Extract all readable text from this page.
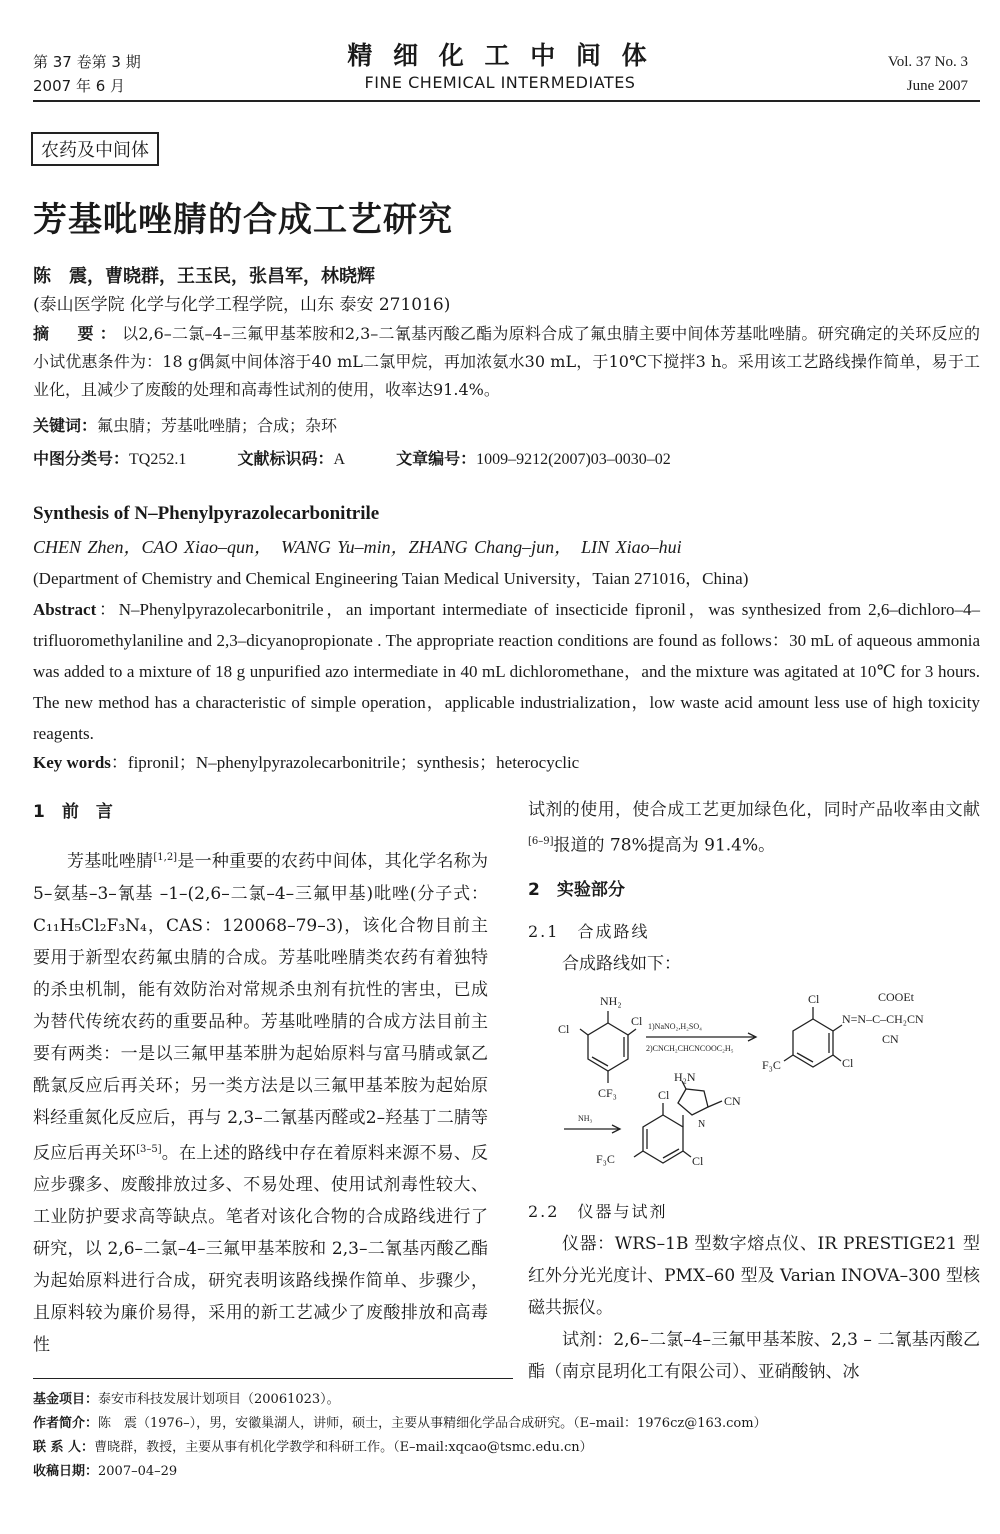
第 37 卷第 3 期
2007 年 6 月
精 细 化 工 中 间 体
FINE CHEMICAL INTERMEDIATES
Vol. 37 No. 3
June 2007
农药及中间体
芳基吡唑腈的合成工艺研究
陈　震，曹晓群，王玉民，张昌军，林晓辉
(泰山医学院 化学与化学工程学院，山东 泰安 271016)
摘　要：以2,6–二氯–4–三氟甲基苯胺和2,3–二氰基丙酸乙酯为原料合成了氟虫腈主要中间体芳基吡唑腈。研究确定的关环反应的小试优惠条件为：18 g偶氮中间体溶于40 mL二氯甲烷，再加浓氨水30 mL，于10℃下搅拌3 h。采用该工艺路线操作简单，易于工业化，且减少了废酸的处理和高毒性试剂的使用，收率达91.4%。
关键词：氟虫腈；芳基吡唑腈；合成；杂环
中图分类号：TQ252.1	文献标识码：A	文章编号：1009–9212(2007)03–0030–02
Synthesis of N–Phenylpyrazolecarbonitrile
CHEN Zhen，CAO Xiao–qun，　WANG Yu–min，ZHANG Chang–jun，　LIN Xiao–hui
(Department of Chemistry and Chemical Engineering Taian Medical University，Taian 271016，China)
Abstract：N–Phenylpyrazolecarbonitrile，an important intermediate of insecticide fipronil，was synthesized from 2,6–dichloro–4–trifluoromethylaniline and 2,3–dicyanopropionate . The appropriate reaction conditions are found as follows：30 mL of aqueous ammonia was added to a mixture of 18 g unpurified azo intermediate in 40 mL dichloromethane，and the mixture was agitated at 10℃ for 3 hours. The new method has a characteristic of simple operation，applicable industrialization，low waste acid amount less use of high toxicity reagents.
Key words：fipronil；N–phenylpyrazolecarbonitrile；synthesis；heterocyclic
1　前　言

芳基吡唑腈[1,2]是一种重要的农药中间体，其化学名称为5–氨基–3–氰基 –1–(2,6–二氯–4–三氟甲基)吡唑(分子式：C₁₁H₅Cl₂F₃N₄，CAS：120068–79–3)，该化合物目前主要用于新型农药氟虫腈的合成。芳基吡唑腈类农药有着独特的杀虫机制，能有效防治对常规杀虫剂有抗性的害虫，已成为替代传统农药的重要品种。芳基吡唑腈的合成方法目前主要有两类：一是以三氟甲基苯肼为起始原料与富马腈或氯乙酰氯反应后再关环；另一类方法是以三氟甲基苯胺为起始原料经重氮化反应后，再与 2,3–二氰基丙醛或2–羟基丁二腈等反应后再关环[3–5]。在上述的路线中存在着原料来源不易、反应步骤多、废酸排放过多、不易处理、使用试剂毒性较大、工业防护要求高等缺点。笔者对该化合物的合成路线进行了研究，以 2,6–二氯–4–三氟甲基苯胺和 2,3–二氰基丙酸乙酯为起始原料进行合成，研究表明该路线操作简单、步骤少，且原料较为廉价易得，采用的新工艺减少了废酸排放和高毒性

试剂的使用，使合成工艺更加绿色化，同时产品收率由文献[6–9]报道的 78%提高为 91.4%。

2　实验部分
2.1　合成路线

合成路线如下：

NH₂
Cl
Cl
CF₃
1)NaNO₂,H₂SO₄
2)CNCH₂CHCNCOOC₂H₅
Cl	COOEt
N=N–C–CH₂CN
CN
F₃C	Cl
NH₃
H₂N
Cl	CN
N
F₃C	Cl
2.2　仪器与试剂

仪器：WRS–1B 型数字熔点仪、IR PRESTIGE21 型红外分光光度计、PMX–60 型及 Varian INOVA–300 型核磁共振仪。

试剂：2,6–二氯–4–三氟甲基苯胺、2,3 – 二氰基丙酸乙酯（南京昆玥化工有限公司）、亚硝酸钠、冰

基金项目：泰安市科技发展计划项目（20061023）。
作者简介：陈　震（1976–），男，安徽巢湖人，讲师，硕士，主要从事精细化学品合成研究。（E–mail：1976cz@163.com）
联 系 人：曹晓群，教授，主要从事有机化学教学和科研工作。（E–mail:xqcao@tsmc.edu.cn）
收稿日期：2007–04–29
